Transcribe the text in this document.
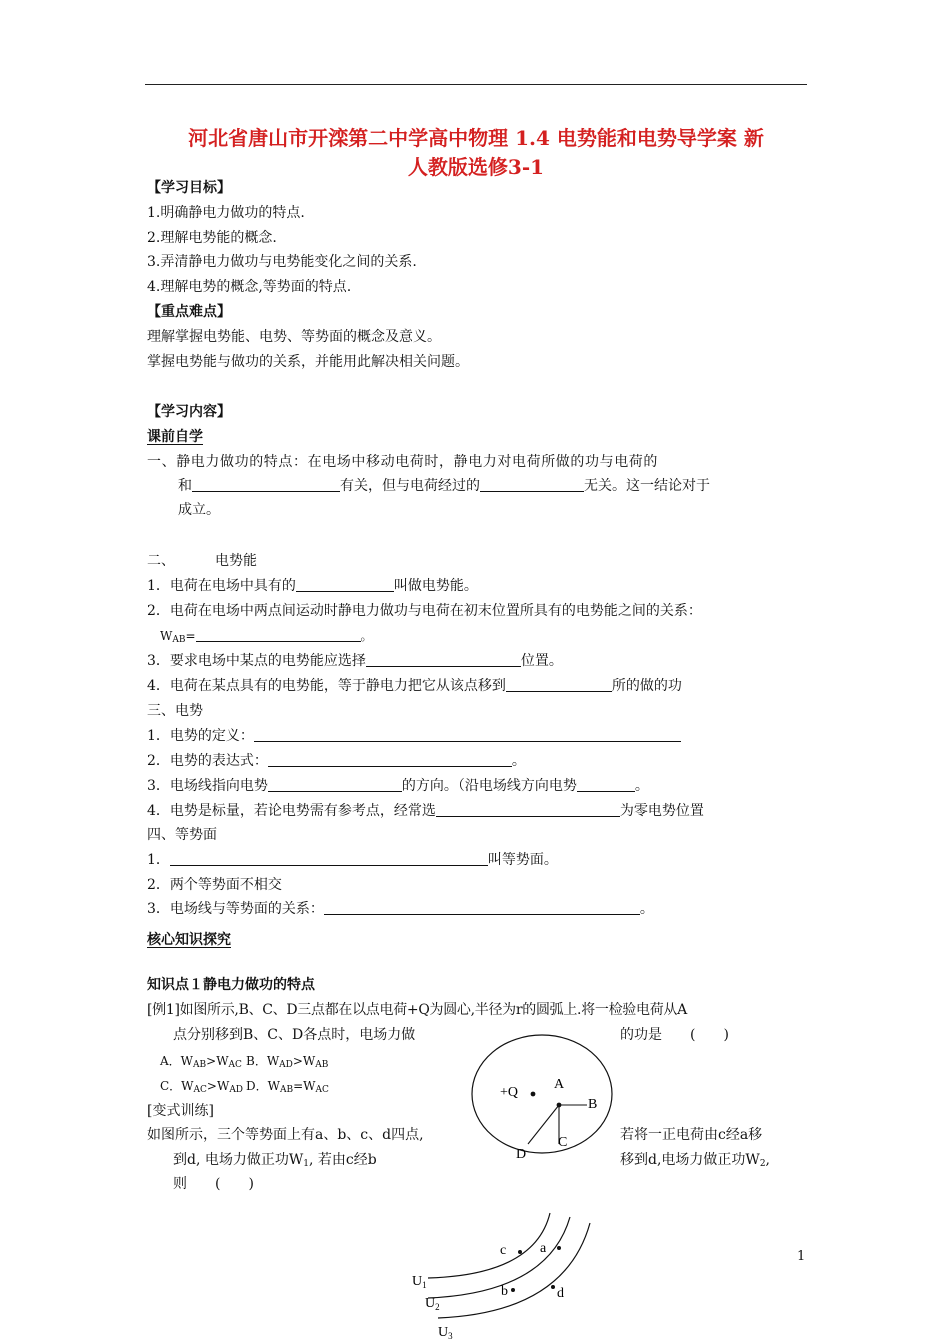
河北省唐山市开滦第二中学高中物理 1.4 电势能和电势导学案 新
人教版选修3-1
【学习目标】
1.明确静电力做功的特点.
2.理解电势能的概念.
3.弄清静电力做功与电势能变化之间的关系.
4.理解电势的概念,等势面的特点.
【重点难点】
理解掌握电势能、电势、等势面的概念及意义。
掌握电势能与做功的关系，并能用此解决相关问题。
【学习内容】
课前自学
一、静电力做功的特点：在电场中移动电荷时，静电力对电荷所做的功与电荷的
和	有关，但与电荷经过的	无关。这一结论对于
成立。
二、	电势能
1．电荷在电场中具有的	叫做电势能。
2．电荷在电场中两点间运动时静电力做功与电荷在初末位置所具有的电势能之间的关系：
$W_{AB}=$	。
3．要求电场中某点的电势能应选择	位置。
4．电荷在某点具有的电势能，等于静电力把它从该点移到	所的做的功
三、电势
1．电势的定义：
2．电势的表达式：	。
3．电场线指向电势	的方向。（沿电场线方向电势	。
4．电势是标量，若论电势需有参考点，经常选	为零电势位置
四、等势面
1．	叫等势面。
2．两个等势面不相交
3．电场线与等势面的关系：	。
核心知识探究
知识点１静电力做功的特点
[例1]如图所示,B、C、D三点都在以点电荷+Q为圆心,半径为r的圆弧上.将一检验电荷从A
点分别移到B、C、D各点时，电场力做	的功是　　(　　)
A．$W_{AB}>W_{AC}$ B．$W_{AD}>W_{AB}$
C．$W_{AC}>W_{AD}$ D．$W_{AB}=W_{AC}$
[变式训练]
如图所示，三个等势面上有a、b、c、d四点,	若将一正电荷由c经a移
到d, 电场力做正功$W_1$, 若由c经b	移到d,电场力做正功$W_2$,
则　　(　　)
+Q
A
B
C
D
c a
b	d
$U_1$
$U_2$
$U_3$
1
